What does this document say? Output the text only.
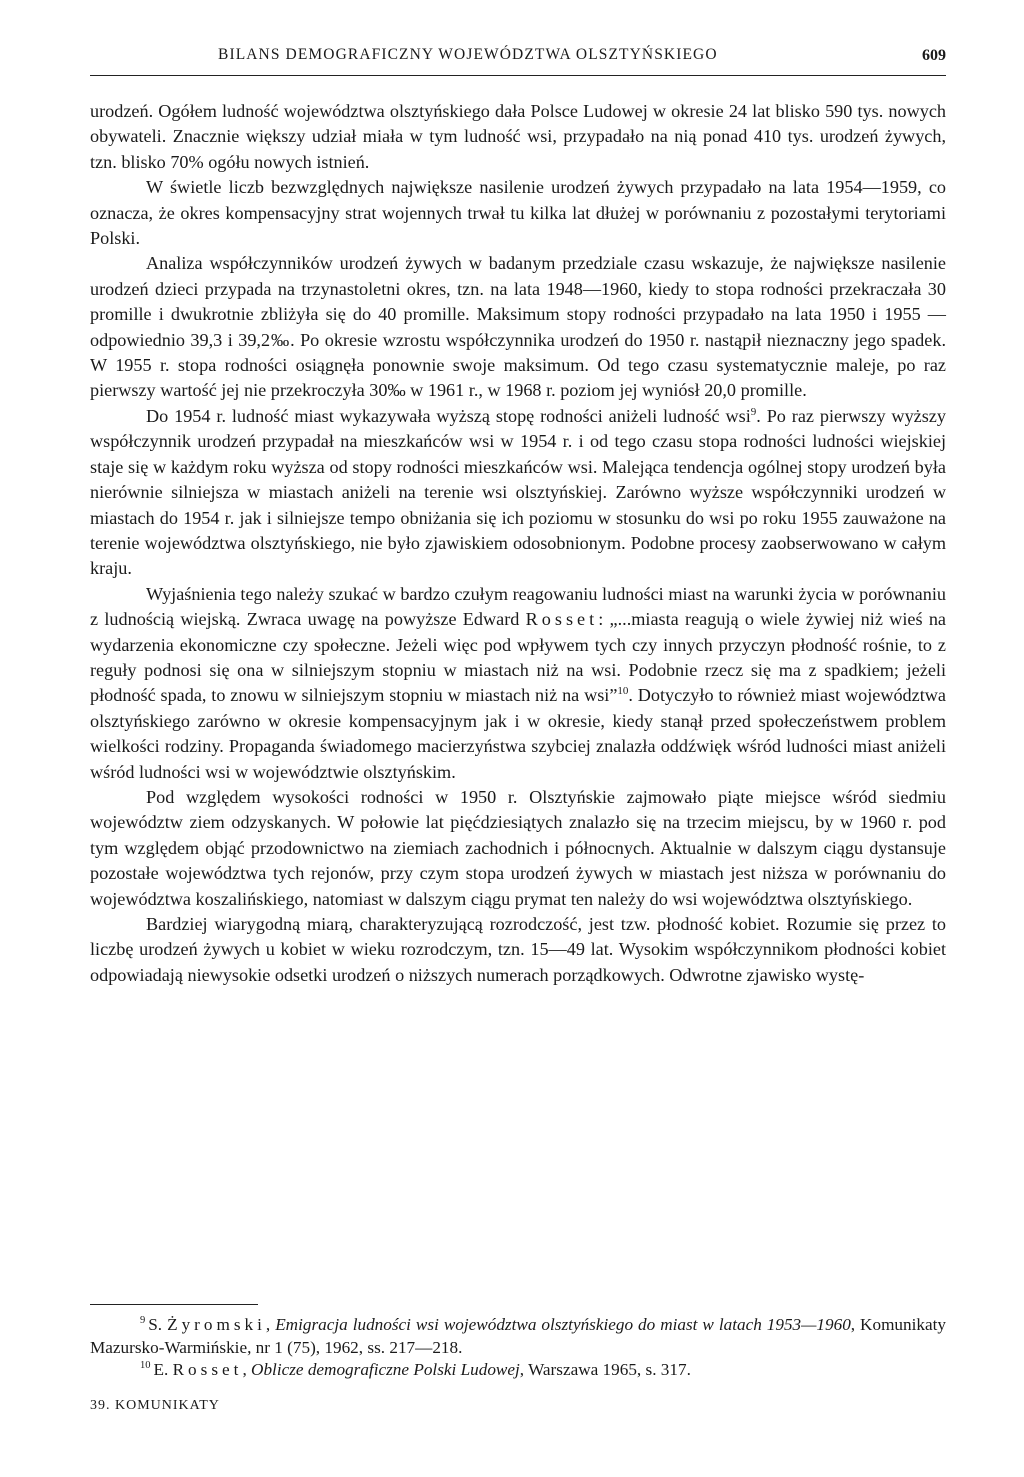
BILANS DEMOGRAFICZNY WOJEWÓDZTWA OLSZTYŃSKIEGO	609

urodzeń. Ogółem ludność województwa olsztyńskiego dała Polsce Ludowej w okresie 24 lat blisko 590 tys. nowych obywateli. Znacznie większy udział miała w tym ludność wsi, przypadało na nią ponad 410 tys. urodzeń żywych, tzn. blisko 70% ogółu nowych istnień.

W świetle liczb bezwzględnych największe nasilenie urodzeń żywych przypadało na lata 1954—1959, co oznacza, że okres kompensacyjny strat wojennych trwał tu kilka lat dłużej w porównaniu z pozostałymi terytoriami Polski.

Analiza współczynników urodzeń żywych w badanym przedziale czasu wskazuje, że największe nasilenie urodzeń dzieci przypada na trzynastoletni okres, tzn. na lata 1948—1960, kiedy to stopa rodności przekraczała 30 promille i dwukrotnie zbliżyła się do 40 promille. Maksimum stopy rodności przypadało na lata 1950 i 1955 — odpowiednio 39,3 i 39,2‰. Po okresie wzrostu współczynnika urodzeń do 1950 r. nastąpił nieznaczny jego spadek. W 1955 r. stopa rodności osiągnęła ponownie swoje maksimum. Od tego czasu systematycznie maleje, po raz pierwszy wartość jej nie przekroczyła 30‰ w 1961 r., w 1968 r. poziom jej wyniósł 20,0 promille.

Do 1954 r. ludność miast wykazywała wyższą stopę rodności aniżeli ludność wsi$^9$. Po raz pierwszy wyższy współczynnik urodzeń przypadał na mieszkańców wsi w 1954 r. i od tego czasu stopa rodności ludności wiejskiej staje się w każdym roku wyższa od stopy rodności mieszkańców wsi. Malejąca tendencja ogólnej stopy urodzeń była nierównie silniejsza w miastach aniżeli na terenie wsi olsztyńskiej. Zarówno wyższe współczynniki urodzeń w miastach do 1954 r. jak i silniejsze tempo obniżania się ich poziomu w stosunku do wsi po roku 1955 zauważone na terenie województwa olsztyńskiego, nie było zjawiskiem odosobnionym. Podobne procesy zaobserwowano w całym kraju.

Wyjaśnienia tego należy szukać w bardzo czułym reagowaniu ludności miast na warunki życia w porównaniu z ludnością wiejską. Zwraca uwagę na powyższe Edward Rosset: „...miasta reagują o wiele żywiej niż wieś na wydarzenia ekonomiczne czy społeczne. Jeżeli więc pod wpływem tych czy innych przyczyn płodność rośnie, to z reguły podnosi się ona w silniejszym stopniu w miastach niż na wsi. Podobnie rzecz się ma z spadkiem; jeżeli płodność spada, to znowu w silniejszym stopniu w miastach niż na wsi”$^{10}$. Dotyczyło to również miast województwa olsztyńskiego zarówno w okresie kompensacyjnym jak i w okresie, kiedy stanął przed społeczeństwem problem wielkości rodziny. Propaganda świadomego macierzyństwa szybciej znalazła oddźwięk wśród ludności miast aniżeli wśród ludności wsi w województwie olsztyńskim.

Pod względem wysokości rodności w 1950 r. Olsztyńskie zajmowało piąte miejsce wśród siedmiu województw ziem odzyskanych. W połowie lat pięćdziesiątych znalazło się na trzecim miejscu, by w 1960 r. pod tym względem objąć przodownictwo na ziemiach zachodnich i północnych. Aktualnie w dalszym ciągu dystansuje pozostałe województwa tych rejonów, przy czym stopa urodzeń żywych w miastach jest niższa w porównaniu do województwa koszalińskiego, natomiast w dalszym ciągu prymat ten należy do wsi województwa olsztyńskiego.

Bardziej wiarygodną miarą, charakteryzującą rozrodczość, jest tzw. płodność kobiet. Rozumie się przez to liczbę urodzeń żywych u kobiet w wieku rozrodczym, tzn. 15—49 lat. Wysokim współczynnikom płodności kobiet odpowiadają niewysokie odsetki urodzeń o niższych numerach porządkowych. Odwrotne zjawisko wystę-

$^9$ S. Żyromski, Emigracja ludności wsi województwa olsztyńskiego do miast w latach 1953—1960, Komunikaty Mazursko-Warmińskie, nr 1 (75), 1962, ss. 217—218.

$^{10}$ E. Rosset, Oblicze demograficzne Polski Ludowej, Warszawa 1965, s. 317.

39. KOMUNIKATY
